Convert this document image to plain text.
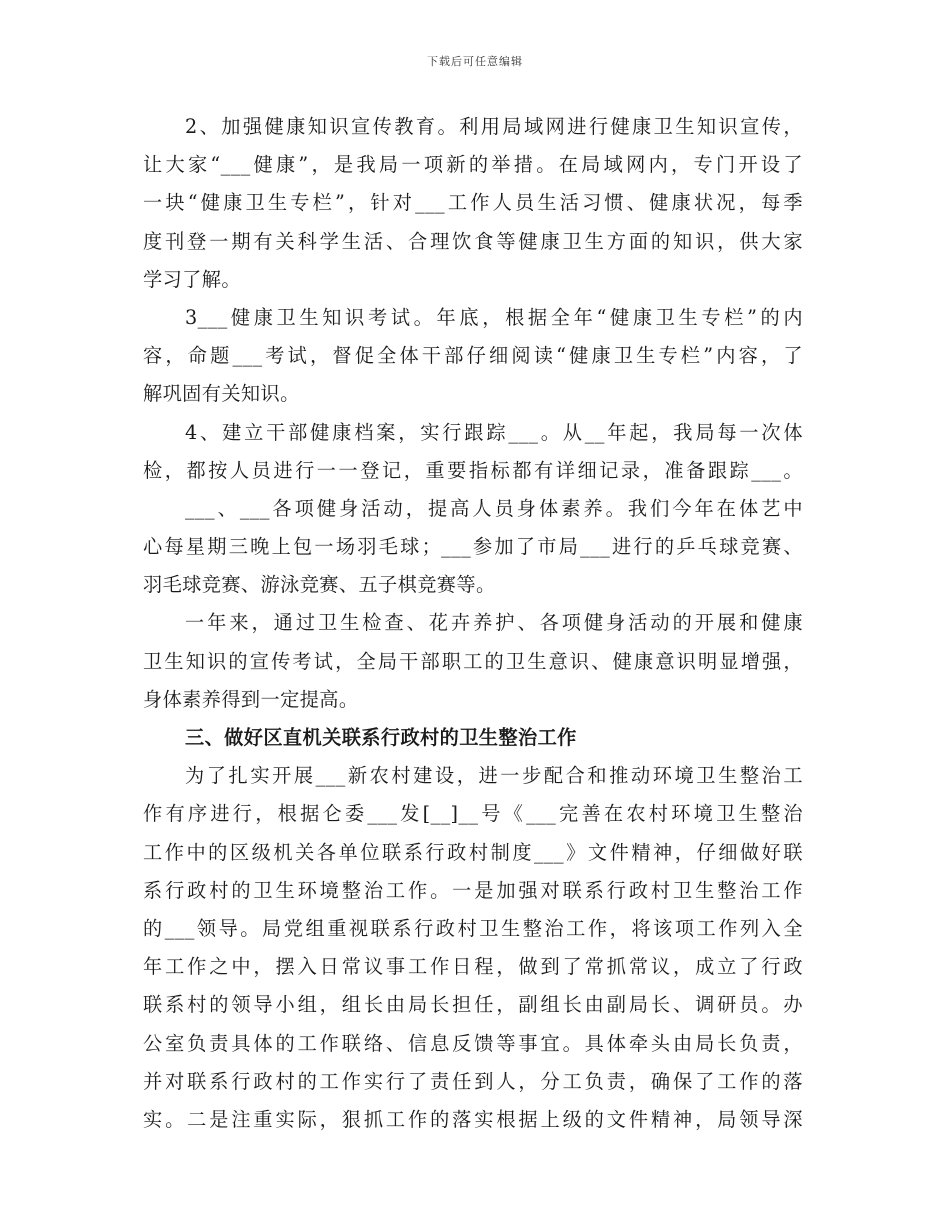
下载后可任意编辑
2、加强健康知识宣传教育。利用局域网进行健康卫生知识宣传，
让大家“___健康”，是我局一项新的举措。在局域网内，专门开设了
一块“健康卫生专栏”，针对___工作人员生活习惯、健康状况，每季
度刊登一期有关科学生活、合理饮食等健康卫生方面的知识，供大家
学习了解。
3___健康卫生知识考试。年底，根据全年“健康卫生专栏”的内
容，命题___考试，督促全体干部仔细阅读“健康卫生专栏”内容，了
解巩固有关知识。
4、建立干部健康档案，实行跟踪___。从__年起，我局每一次体
检，都按人员进行一一登记，重要指标都有详细记录，准备跟踪___。
___、___各项健身活动，提高人员身体素养。我们今年在体艺中
心每星期三晚上包一场羽毛球；___参加了市局___进行的乒乓球竞赛、
羽毛球竞赛、游泳竞赛、五子棋竞赛等。
一年来，通过卫生检查、花卉养护、各项健身活动的开展和健康
卫生知识的宣传考试，全局干部职工的卫生意识、健康意识明显增强，
身体素养得到一定提高。
三、做好区直机关联系行政村的卫生整治工作
为了扎实开展___新农村建设，进一步配合和推动环境卫生整治工
作有序进行，根据仑委___发[__]__号《___完善在农村环境卫生整治
工作中的区级机关各单位联系行政村制度___》文件精神，仔细做好联
系行政村的卫生环境整治工作。一是加强对联系行政村卫生整治工作
的___领导。局党组重视联系行政村卫生整治工作，将该项工作列入全
年工作之中，摆入日常议事工作日程，做到了常抓常议，成立了行政
联系村的领导小组，组长由局长担任，副组长由副局长、调研员。办
公室负责具体的工作联络、信息反馈等事宜。具体牵头由局长负责，
并对联系行政村的工作实行了责任到人，分工负责，确保了工作的落
实。二是注重实际，狠抓工作的落实根据上级的文件精神，局领导深
